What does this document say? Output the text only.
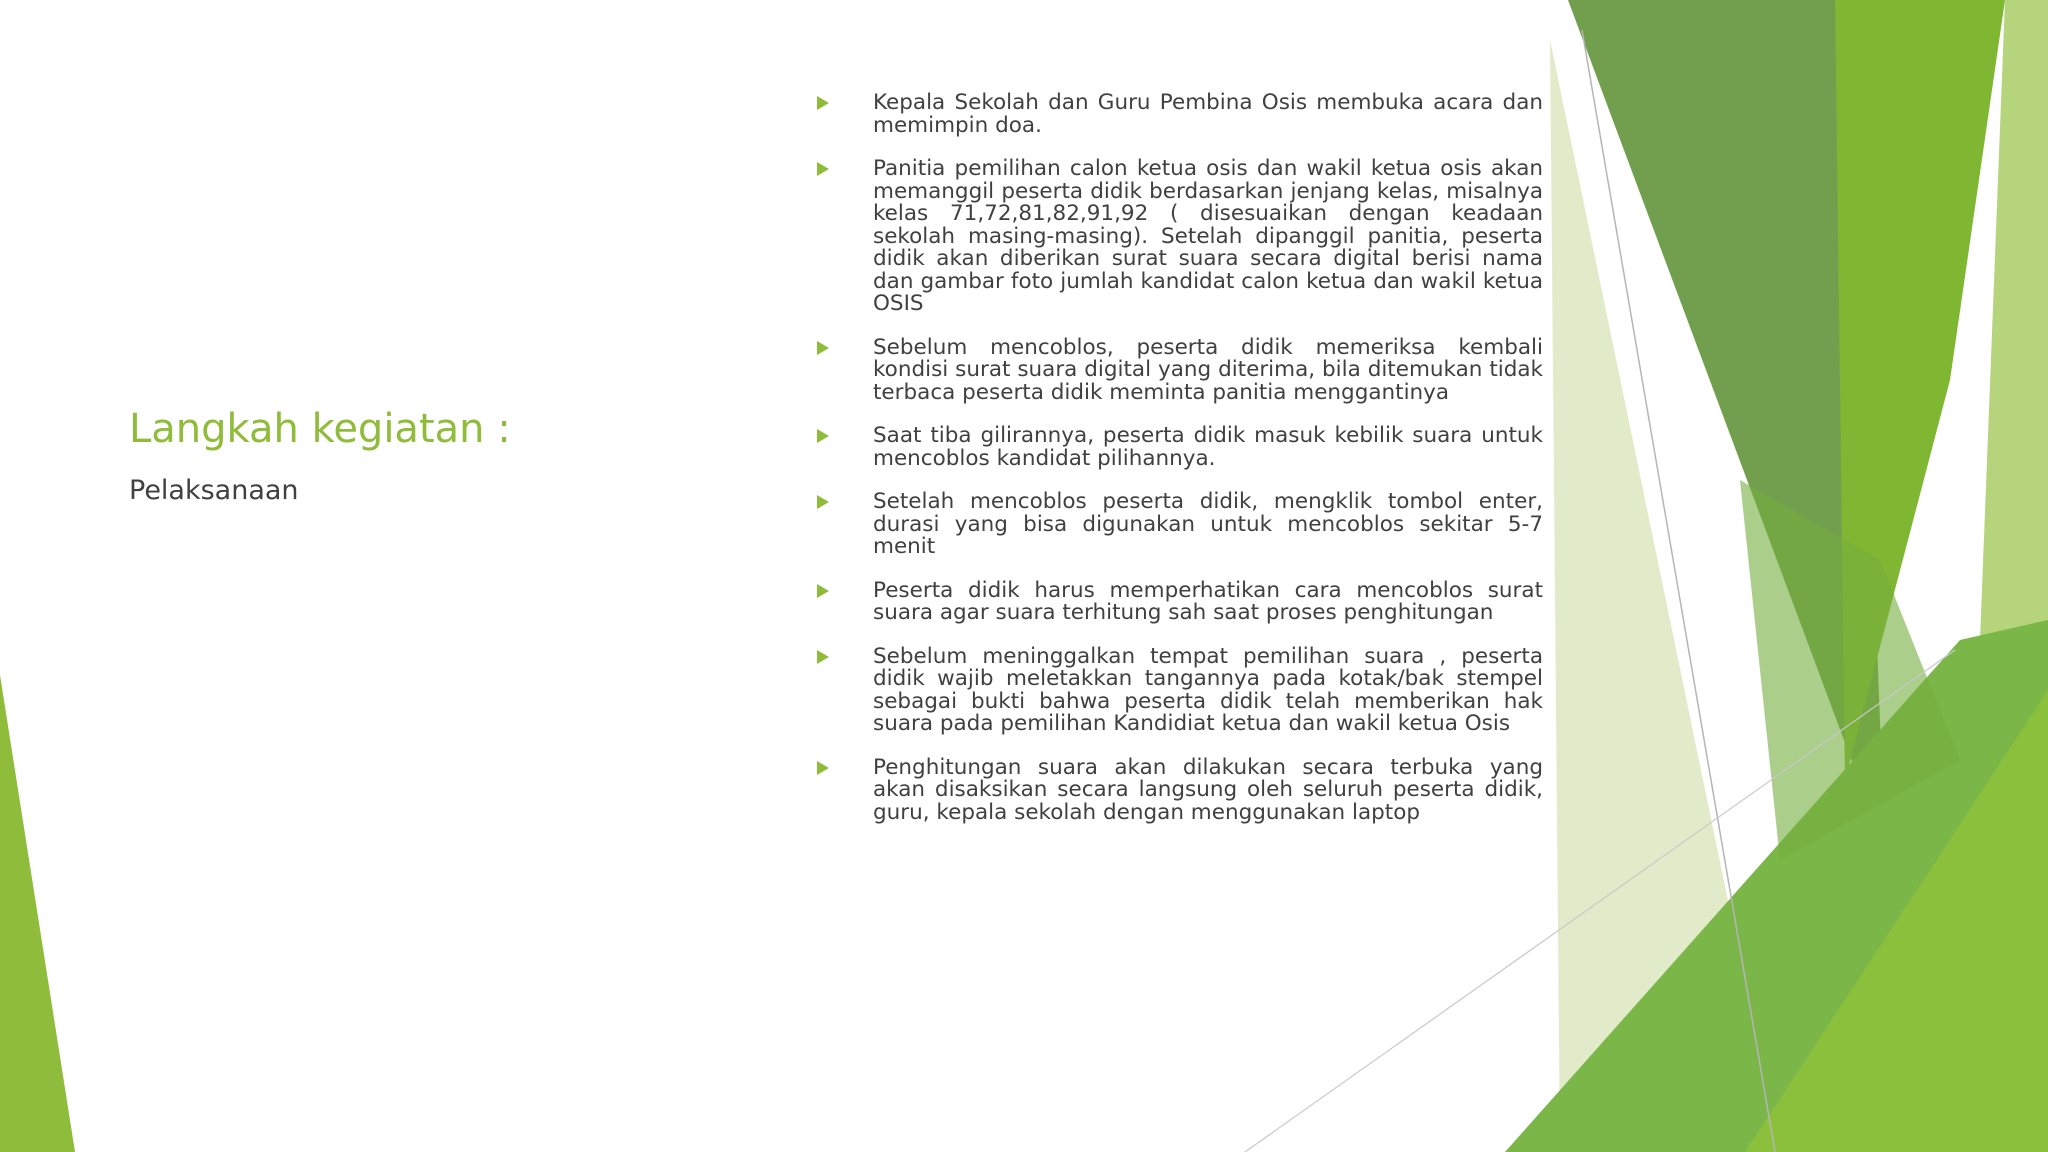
Langkah kegiatan :
Pelaksanaan
Kepala Sekolah dan Guru Pembina Osis membuka acara dan memimpin doa.
Panitia pemilihan calon ketua osis dan wakil ketua osis akan memanggil peserta didik berdasarkan jenjang kelas, misalnya kelas 71,72,81,82,91,92 ( disesuaikan dengan keadaan sekolah masing-masing). Setelah dipanggil panitia, peserta didik akan diberikan surat suara secara digital berisi nama dan gambar foto jumlah kandidat calon ketua dan wakil ketua OSIS
Sebelum mencoblos, peserta didik memeriksa kembali kondisi surat suara digital yang diterima, bila ditemukan tidak terbaca peserta didik meminta panitia menggantinya
Saat tiba gilirannya, peserta didik masuk kebilik suara untuk mencoblos kandidat pilihannya.
Setelah mencoblos peserta didik, mengklik tombol enter, durasi yang bisa digunakan untuk mencoblos sekitar 5-7 menit
Peserta didik harus memperhatikan cara mencoblos surat suara agar suara terhitung sah saat proses penghitungan
Sebelum meninggalkan tempat pemilihan suara , peserta didik wajib meletakkan tangannya pada kotak/bak stempel sebagai bukti bahwa peserta didik telah memberikan hak suara pada pemilihan Kandidiat ketua dan wakil ketua Osis
Penghitungan suara akan dilakukan secara terbuka yang akan disaksikan secara langsung oleh seluruh peserta didik, guru, kepala sekolah dengan menggunakan laptop
